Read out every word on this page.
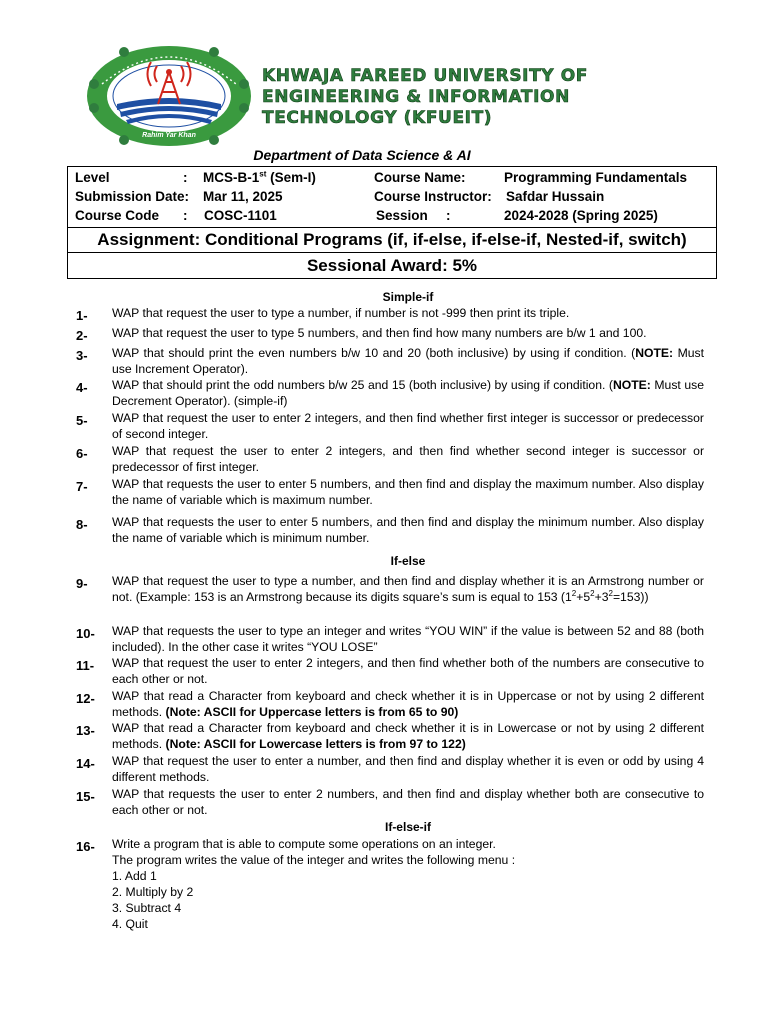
Rahim Yar Khan
KHWAJA FAREED UNIVERSITY OF
ENGINEERING & INFORMATION
TECHNOLOGY (KFUEIT)
Department of Data Science & AI
Level	: MCS-B-1st (Sem-I)	Course Name:	Programming Fundamentals
Submission Date: Mar 11, 2025	Course Instructor: Safdar Hussain
Course Code : COSC-1101	Session :	2024-2028 (Spring 2025)
Assignment: Conditional Programs (if, if-else, if-else-if, Nested-if, switch)
Sessional Award: 5%
Simple-if
1- WAP that request the user to type a number, if number is not -999 then print its triple.
2- WAP that request the user to type 5 numbers, and then find how many numbers are b/w 1 and 100.
3- WAP that should print the even numbers b/w 10 and 20 (both inclusive) by using if condition. (NOTE: Must use Increment Operator).
4- WAP that should print the odd numbers b/w 25 and 15 (both inclusive) by using if condition. (NOTE: Must use Decrement Operator). (simple-if)
5- WAP that request the user to enter 2 integers, and then find whether first integer is successor or predecessor of second integer.
6- WAP that request the user to enter 2 integers, and then find whether second integer is successor or predecessor of first integer.
7- WAP that requests the user to enter 5 numbers, and then find and display the maximum number. Also display the name of variable which is maximum number.
8- WAP that requests the user to enter 5 numbers, and then find and display the minimum number. Also display the name of variable which is minimum number.
If-else
9- WAP that request the user to type a number, and then find and display whether it is an Armstrong number or not. (Example: 153 is an Armstrong because its digits square’s sum is equal to 153 $(1^2+5^2+3^2=153)$)
10- WAP that requests the user to type an integer and writes “YOU WIN” if the value is between 52 and 88 (both included). In the other case it writes “YOU LOSE”
11- WAP that request the user to enter 2 integers, and then find whether both of the numbers are consecutive to each other or not.
12- WAP that read a Character from keyboard and check whether it is in Uppercase or not by using 2 different methods. (Note: ASCII for Uppercase letters is from 65 to 90)
13- WAP that read a Character from keyboard and check whether it is in Lowercase or not by using 2 different methods. (Note: ASCII for Lowercase letters is from 97 to 122)
14- WAP that request the user to enter a number, and then find and display whether it is even or odd by using 4 different methods.
15- WAP that requests the user to enter 2 numbers, and then find and display whether both are consecutive to each other or not.
If-else-if
16- Write a program that is able to compute some operations on an integer.
The program writes the value of the integer and writes the following menu :
1. Add 1
2. Multiply by 2
3. Subtract 4
4. Quit
